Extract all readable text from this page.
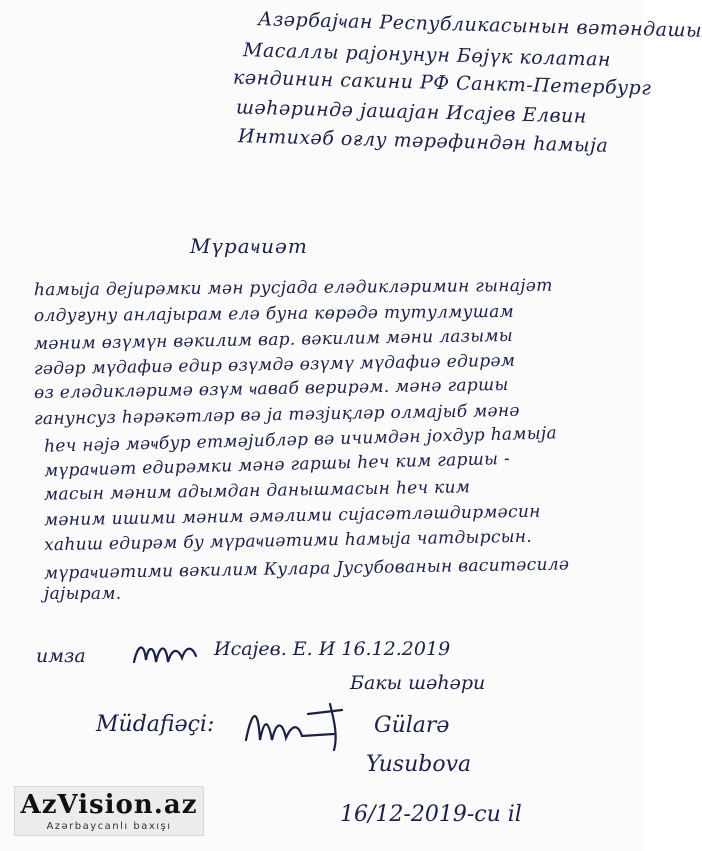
Азәрбајҹан Республикасынын вәтәндашы
Масаллы рајонунун Бөјүк колатан
кәндинин сакини РФ Санкт-Петербург
шәһәриндә јашајан Исајев Елвин
Интихәб оғлу тәрәфиндән һамыја
Мүраҹиәт
һамыја дејирәмки мән русјада еләдикләримин гынајәт
олдуғуну анлајырам елә буна көрәдә тутулмушам
мәним өзүмүн вәкилим вар. вәкилим мәни лазымы
гәдәр мүдафиә едир өзүмдә өзүмү мүдафиә едирәм
өз еләдикләримә өзүм ҹаваб верирәм. мәнә гаршы
ганунсуз һәрәкәтләр вә ја тәзјиқләр олмајыб мәнә
һеч нәјә мәҹбур етмәјибләр вә ичимдән јохдур һамыја
мүраҹиәт едирәмки мәнә гаршы һеч ким гаршы -
масын мәним адымдан данышмасын һеч ким
мәним ишими мәним әмәлими сијасәтләшдирмәсин
хаһиш едирәм бу мүраҹиәтими һамыја чатдырсын.
мүраҹиәтими вәкилим Кулара Јусубованын васитәсилә
јајырам.
имза	Исајев. Е. И 16.12.2019
Бакы шәһәри
Müdafiəçi:	Gülarə
Yusubova
16/12-2019-cu il
AzVision.az
Azərbaycanlı baxışı
